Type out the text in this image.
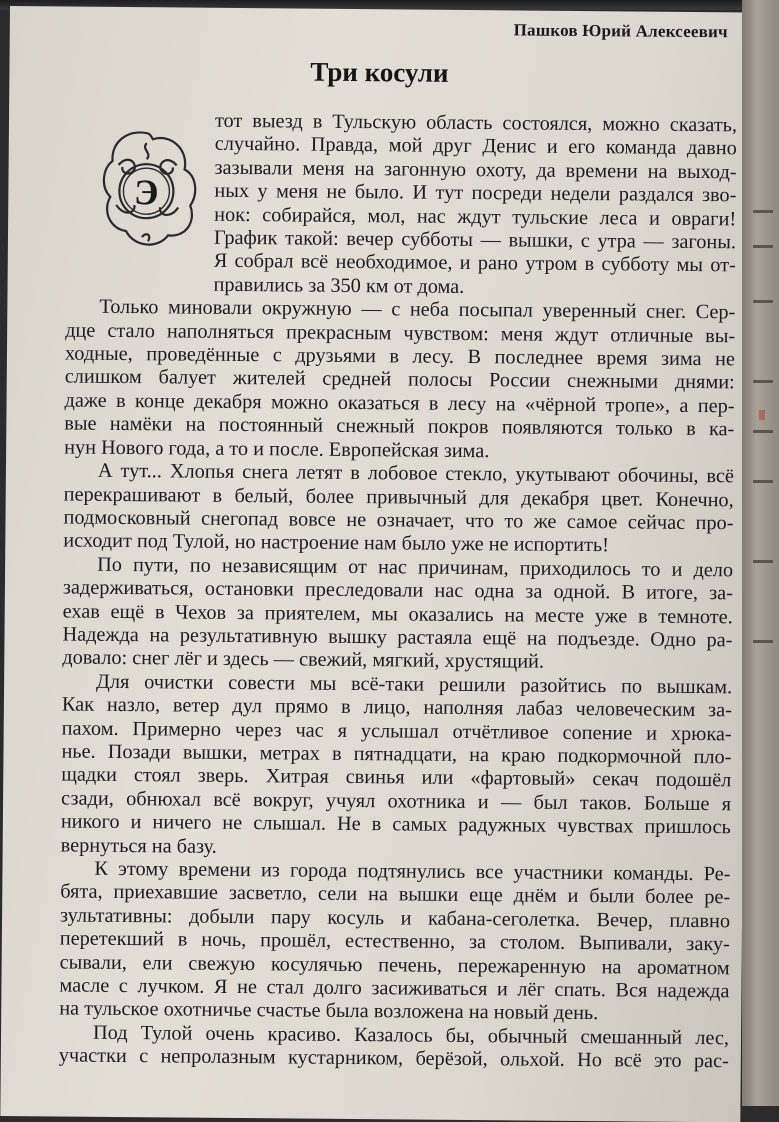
Пашков Юрий Алексеевич
Три косули
Э
тот выезд в Тульскую область состоялся, можно сказать,
случайно. Правда, мой друг Денис и его команда давно
зазывали меня на загонную охоту, да времени на выход-
ных у меня не было. И тут посреди недели раздался зво-
нок: собирайся, мол, нас ждут тульские леса и овраги!
График такой: вечер субботы — вышки, с утра — загоны.
Я собрал всё необходимое, и рано утром в субботу мы от-
правились за 350 км от дома.
Только миновали окружную — с неба посыпал уверенный снег. Сер-
дце стало наполняться прекрасным чувством: меня ждут отличные вы-
ходные, проведённые с друзьями в лесу. В последнее время зима не
слишком балует жителей средней полосы России снежными днями:
даже в конце декабря можно оказаться в лесу на «чёрной тропе», а пер-
вые намёки на постоянный снежный покров появляются только в ка-
нун Нового года, а то и после. Европейская зима.
А тут... Хлопья снега летят в лобовое стекло, укутывают обочины, всё
перекрашивают в белый, более привычный для декабря цвет. Конечно,
подмосковный снегопад вовсе не означает, что то же самое сейчас про-
исходит под Тулой, но настроение нам было уже не испортить!
По пути, по независящим от нас причинам, приходилось то и дело
задерживаться, остановки преследовали нас одна за одной. В итоге, за-
ехав ещё в Чехов за приятелем, мы оказались на месте уже в темноте.
Надежда на результативную вышку растаяла ещё на подъезде. Одно ра-
довало: снег лёг и здесь — свежий, мягкий, хрустящий.
Для очистки совести мы всё-таки решили разойтись по вышкам.
Как назло, ветер дул прямо в лицо, наполняя лабаз человеческим за-
пахом. Примерно через час я услышал отчётливое сопение и хрюка-
нье. Позади вышки, метрах в пятнадцати, на краю подкормочной пло-
щадки стоял зверь. Хитрая свинья или «фартовый» секач подошёл
сзади, обнюхал всё вокруг, учуял охотника и — был таков. Больше я
никого и ничего не слышал. Не в самых радужных чувствах пришлось
вернуться на базу.
К этому времени из города подтянулись все участники команды. Ре-
бята, приехавшие засветло, сели на вышки еще днём и были более ре-
зультативны: добыли пару косуль и кабана-сеголетка. Вечер, плавно
перетекший в ночь, прошёл, естественно, за столом. Выпивали, заку-
сывали, ели свежую косулячью печень, пережаренную на ароматном
масле с лучком. Я не стал долго засиживаться и лёг спать. Вся надежда
на тульское охотничье счастье была возложена на новый день.
Под Тулой очень красиво. Казалось бы, обычный смешанный лес,
участки с непролазным кустарником, берёзой, ольхой. Но всё это рас-
